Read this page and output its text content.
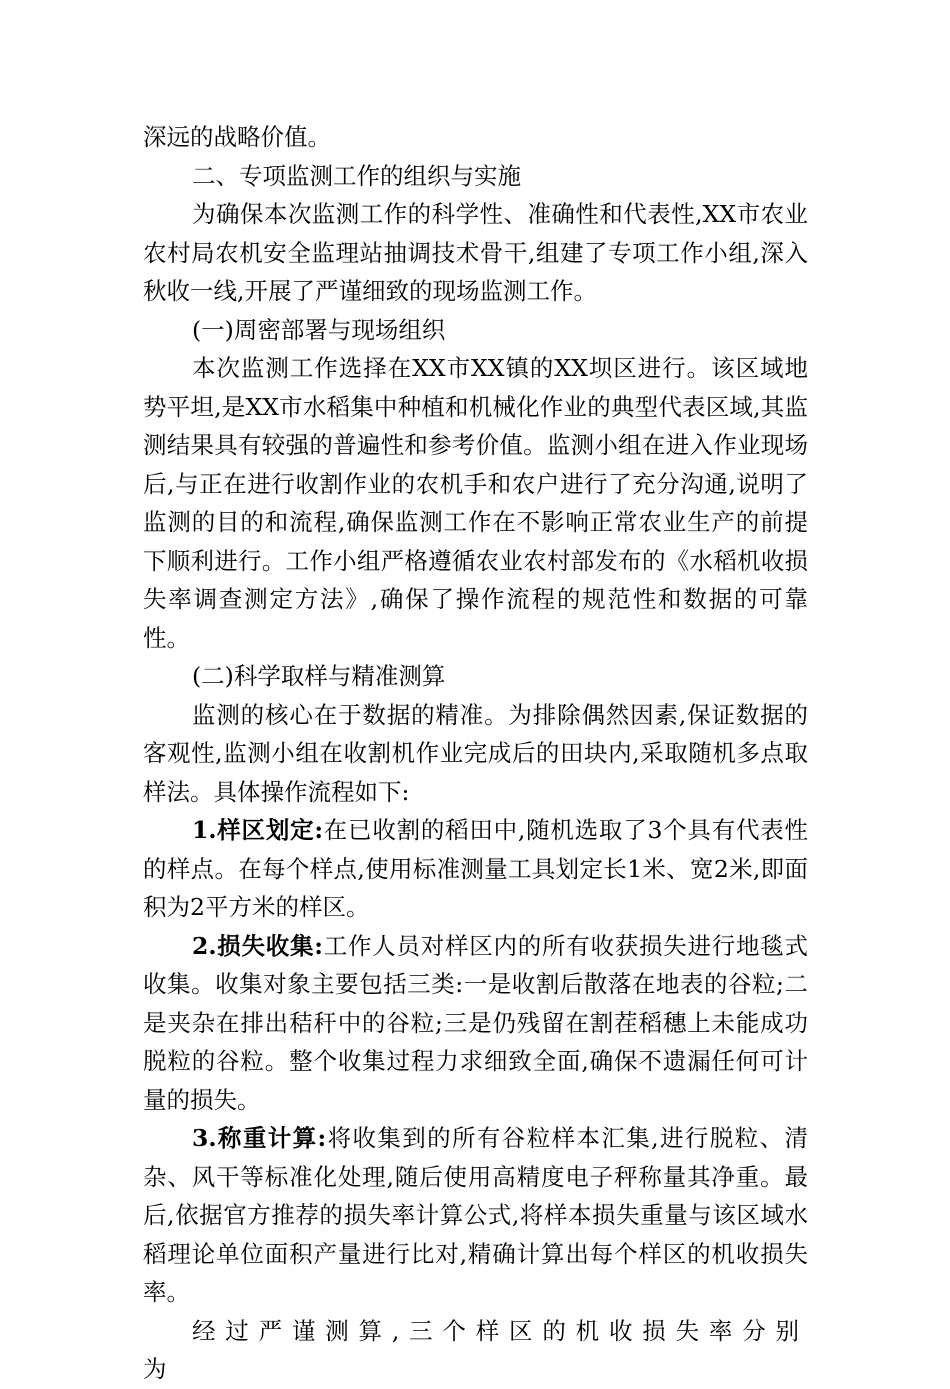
深远的战略价值。

二、专项监测工作的组织与实施

为确保本次监测工作的科学性、准确性和代表性,XX市农业农村局农机安全监理站抽调技术骨干,组建了专项工作小组,深入秋收一线,开展了严谨细致的现场监测工作。

(一)周密部署与现场组织

本次监测工作选择在XX市XX镇的XX坝区进行。该区域地势平坦,是XX市水稻集中种植和机械化作业的典型代表区域,其监测结果具有较强的普遍性和参考价值。监测小组在进入作业现场后,与正在进行收割作业的农机手和农户进行了充分沟通,说明了监测的目的和流程,确保监测工作在不影响正常农业生产的前提下顺利进行。工作小组严格遵循农业农村部发布的《水稻机收损失率调查测定方法》,确保了操作流程的规范性和数据的可靠性。

(二)科学取样与精准测算

监测的核心在于数据的精准。为排除偶然因素,保证数据的客观性,监测小组在收割机作业完成后的田块内,采取随机多点取样法。具体操作流程如下:

1.样区划定:在已收割的稻田中,随机选取了3个具有代表性的样点。在每个样点,使用标准测量工具划定长1米、宽2米,即面积为2平方米的样区。

2.损失收集:工作人员对样区内的所有收获损失进行地毯式收集。收集对象主要包括三类:一是收割后散落在地表的谷粒;二是夹杂在排出秸秆中的谷粒;三是仍残留在割茬稻穗上未能成功脱粒的谷粒。整个收集过程力求细致全面,确保不遗漏任何可计量的损失。

3.称重计算:将收集到的所有谷粒样本汇集,进行脱粒、清杂、风干等标准化处理,随后使用高精度电子秤称量其净重。最后,依据官方推荐的损失率计算公式,将样本损失重量与该区域水稻理论单位面积产量进行比对,精确计算出每个样区的机收损失率。

经过严谨测算,三个样区的机收损失率分别为
